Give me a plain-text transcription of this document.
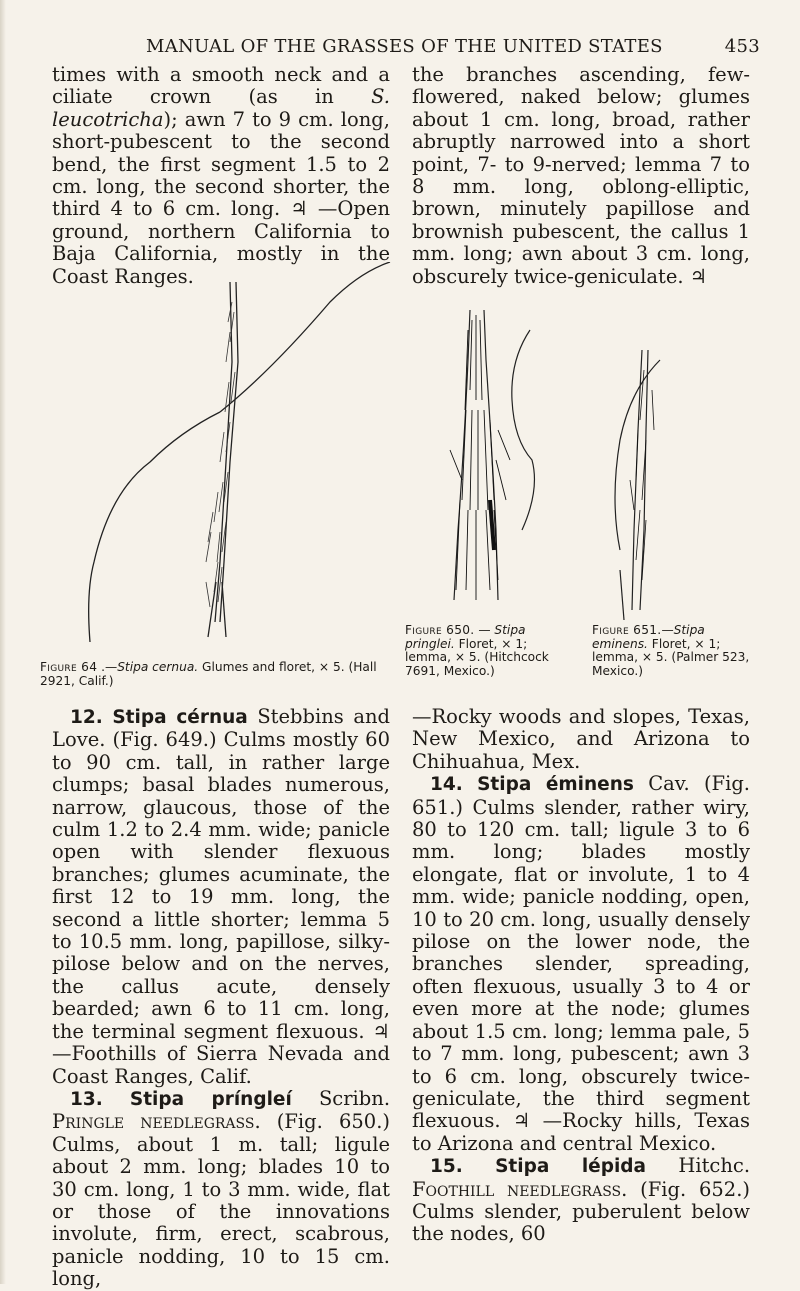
MANUAL OF THE GRASSES OF THE UNITED STATES	453

times with a smooth neck and a ciliate crown (as in S. leucotricha); awn 7 to 9 cm. long, short-pubescent to the second bend, the first segment 1.5 to 2 cm. long, the second shorter, the third 4 to 6 cm. long. ♃ —Open ground, northern California to Baja California, mostly in the Coast Ranges.

the branches ascending, few-flowered, naked below; glumes about 1 cm. long, broad, rather abruptly narrowed into a short point, 7- to 9-nerved; lemma 7 to 8 mm. long, oblong-elliptic, brown, minutely papillose and brownish pubescent, the callus 1 mm. long; awn about 3 cm. long, obscurely twice-geniculate. ♃

Figure 64 .—Stipa cernua. Glumes and floret, × 5. (Hall 2921, Calif.)
Figure 650. — Stipa pringlei. Floret, × 1; lemma, × 5. (Hitchcock 7691, Mexico.)
Figure 651.—Stipa eminens. Floret, × 1; lemma, × 5. (Palmer 523, Mexico.)

12. Stipa cérnua Stebbins and Love. (Fig. 649.) Culms mostly 60 to 90 cm. tall, in rather large clumps; basal blades numerous, narrow, glaucous, those of the culm 1.2 to 2.4 mm. wide; panicle open with slender flexuous branches; glumes acuminate, the first 12 to 19 mm. long, the second a little shorter; lemma 5 to 10.5 mm. long, papillose, silky-pilose below and on the nerves, the callus acute, densely bearded; awn 6 to 11 cm. long, the terminal segment flexuous. ♃ —Foothills of Sierra Nevada and Coast Ranges, Calif.

13. Stipa príngleí Scribn. Pringle needlegrass. (Fig. 650.) Culms, about 1 m. tall; ligule about 2 mm. long; blades 10 to 30 cm. long, 1 to 3 mm. wide, flat or those of the innovations involute, firm, erect, scabrous, panicle nodding, 10 to 15 cm. long,

—Rocky woods and slopes, Texas, New Mexico, and Arizona to Chihuahua, Mex.

14. Stipa éminens Cav. (Fig. 651.) Culms slender, rather wiry, 80 to 120 cm. tall; ligule 3 to 6 mm. long; blades mostly elongate, flat or involute, 1 to 4 mm. wide; panicle nodding, open, 10 to 20 cm. long, usually densely pilose on the lower node, the branches slender, spreading, often flexuous, usually 3 to 4 or even more at the node; glumes about 1.5 cm. long; lemma pale, 5 to 7 mm. long, pubescent; awn 3 to 6 cm. long, obscurely twice-geniculate, the third segment flexuous. ♃ —Rocky hills, Texas to Arizona and central Mexico.

15. Stipa lépida Hitchc. Foothill needlegrass. (Fig. 652.) Culms slender, puberulent below the nodes, 60
